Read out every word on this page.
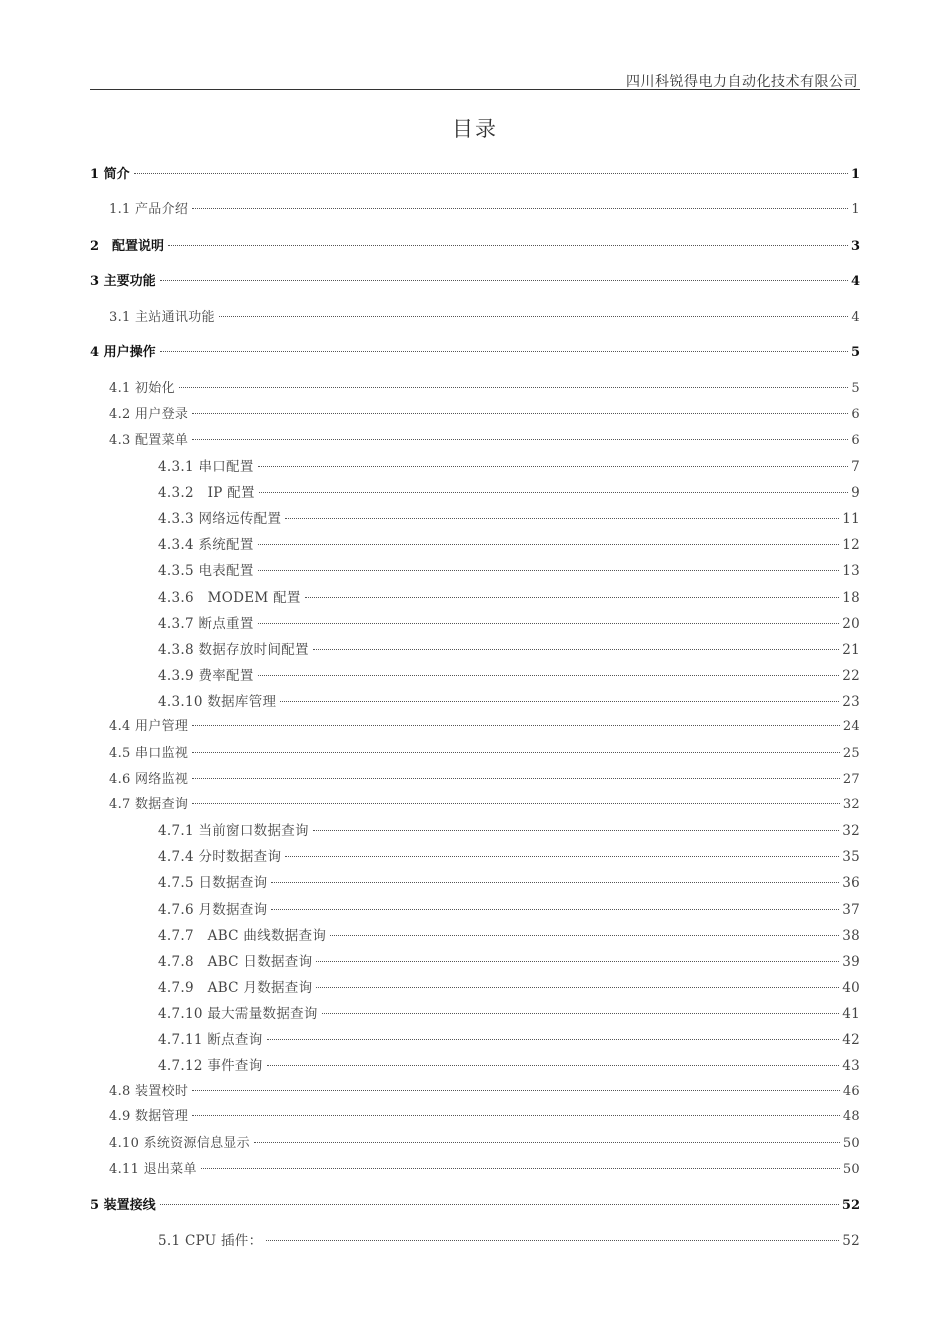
四川科锐得电力自动化技术有限公司
目录
1 简介	1
1.1 产品介绍	1
2　配置说明	3
3 主要功能	4
3.1 主站通讯功能	4
4 用户操作	5
4.1 初始化	5
4.2 用户登录	6
4.3 配置菜单	6
4.3.1 串口配置	7
4.3.2　IP 配置	9
4.3.3 网络远传配置	11
4.3.4 系统配置	12
4.3.5 电表配置	13
4.3.6　MODEM 配置	18
4.3.7 断点重置	20
4.3.8 数据存放时间配置	21
4.3.9 费率配置	22
4.3.10 数据库管理	23
4.4 用户管理	24
4.5 串口监视	25
4.6 网络监视	27
4.7 数据查询	32
4.7.1 当前窗口数据查询	32
4.7.4 分时数据查询	35
4.7.5 日数据查询	36
4.7.6 月数据查询	37
4.7.7　ABC 曲线数据查询	38
4.7.8　ABC 日数据查询	39
4.7.9　ABC 月数据查询	40
4.7.10 最大需量数据查询	41
4.7.11 断点查询	42
4.7.12 事件查询	43
4.8 装置校时	46
4.9 数据管理	48
4.10 系统资源信息显示	50
4.11 退出菜单	50
5 装置接线	52
5.1 CPU 插件：	52
